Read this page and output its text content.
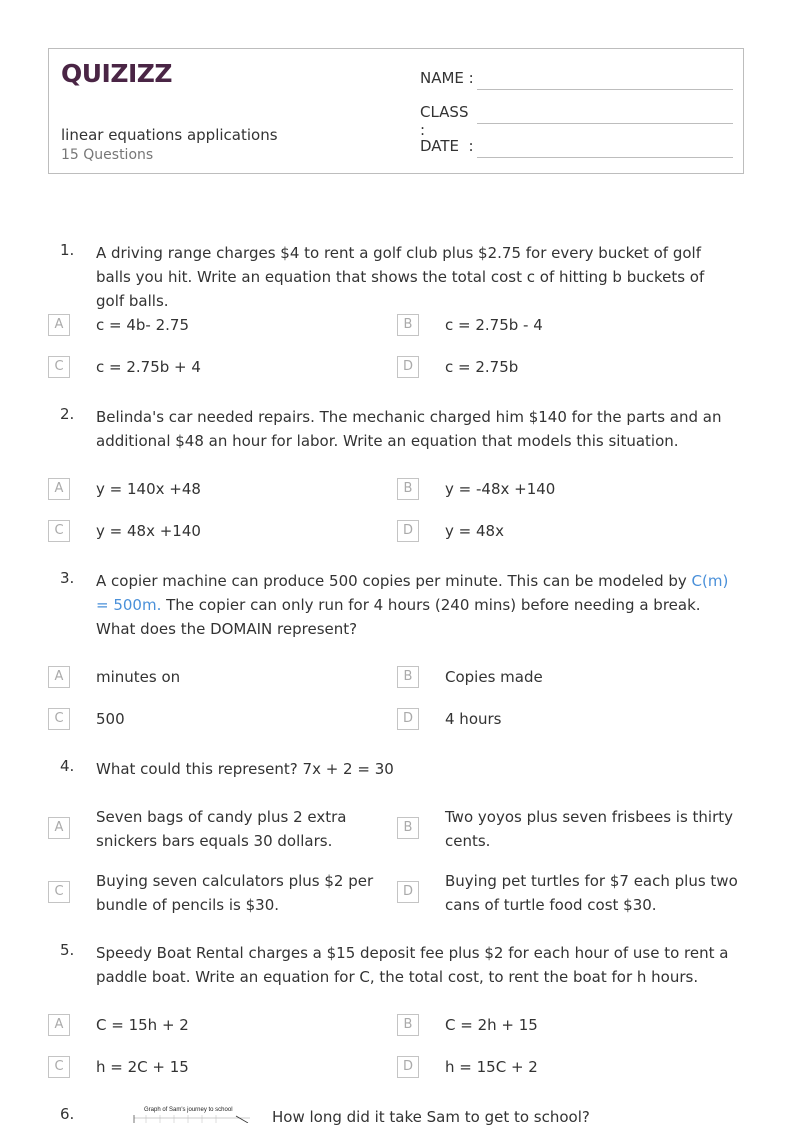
QUIZIZZ
linear equations applications
15 Questions
NAME :
CLASS :
DATE  :
1. A driving range charges $4 to rent a golf club plus $2.75 for every bucket of golf balls you hit. Write an equation that shows the total cost c of hitting b buckets of golf balls.
A	c = 4b- 2.75	B	c = 2.75b - 4
C	c = 2.75b + 4	D	c = 2.75b
2. Belinda's car needed repairs. The mechanic charged him $140 for the parts and an additional $48 an hour for labor. Write an equation that models this situation.
A	y = 140x +48	B	y = -48x +140
C	y = 48x +140	D	y = 48x
3. A copier machine can produce 500 copies per minute. This can be modeled by C(m) = 500m. The copier can only run for 4 hours (240 mins) before needing a break.
What does the DOMAIN represent?
A	minutes on	B	Copies made
C	500	D	4 hours
4. What could this represent? 7x + 2 = 30
A
Seven bags of candy plus 2 extra snickers bars equals 30 dollars.
B
Two yoyos plus seven frisbees is thirty cents.
C
Buying seven calculators plus $2 per bundle of pencils is $30.
D
Buying pet turtles for $7 each plus two cans of turtle food cost $30.
5. Speedy Boat Rental charges a $15 deposit fee plus $2 for each hour of use to rent a paddle boat. Write an equation for C, the total cost, to rent the boat for h hours.
A	C = 15h + 2	B	C = 2h + 15
C	h = 2C + 15	D	h = 15C + 2
6.	Graph of Sam's journey to school	How long did it take Sam to get to school?
